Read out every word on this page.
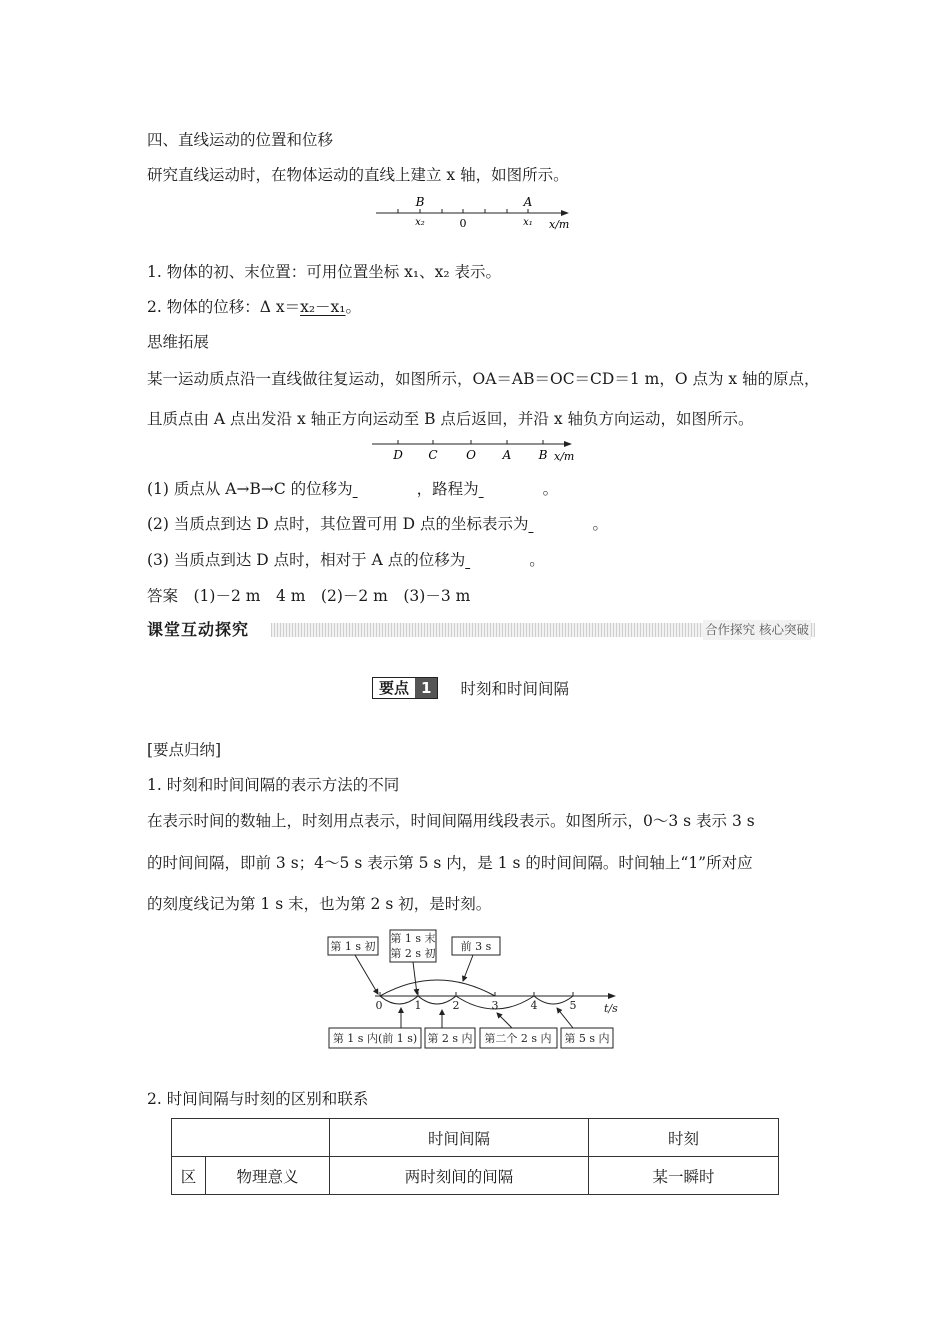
四、直线运动的位置和位移
研究直线运动时，在物体运动的直线上建立 x 轴，如图所示。
B	A
x₂	0	x₁ x/m
1. 物体的初、末位置：可用位置坐标 x₁、x₂ 表示。
2. 物体的位移：Δ x＝x₂－x₁。
思维拓展
某一运动质点沿一直线做往复运动，如图所示，OA＝AB＝OC＝CD＝1 m，O 点为 x 轴的原点，
且质点由 A 点出发沿 x 轴正方向运动至 B 点后返回，并沿 x 轴负方向运动，如图所示。
D C O A B x/m
(1) 质点从 A→B→C 的位移为	，路程为	。
(2) 当质点到达 D 点时，其位置可用 D 点的坐标表示为	。
(3) 当质点到达 D 点时，相对于 A 点的位移为	。
答案　(1)－2 m　4 m　(2)－2 m　(3)－3 m
课堂互动探究	合作探究 核心突破
要点 1	时刻和时间间隔
[要点归纳]
1. 时刻和时间间隔的表示方法的不同
在表示时间的数轴上，时刻用点表示，时间间隔用线段表示。如图所示，0～3 s 表示 3 s
的时间间隔，即前 3 s；4～5 s 表示第 5 s 内，是 1 s 的时间间隔。时间轴上“1”所对应
的刻度线记为第 1 s 末，也为第 2 s 初，是时刻。
第 1 s 初
第 1 s 末
第 2 s 初
前 3 s
0	1	2	3	4	5	t/s
第 1 s 内(前 1 s) 第 2 s 内 第二个 2 s 内 第 5 s 内
2. 时间间隔与时刻的区别和联系
		时间间隔	时刻
区	物理意义	两时刻间的间隔	某一瞬时
